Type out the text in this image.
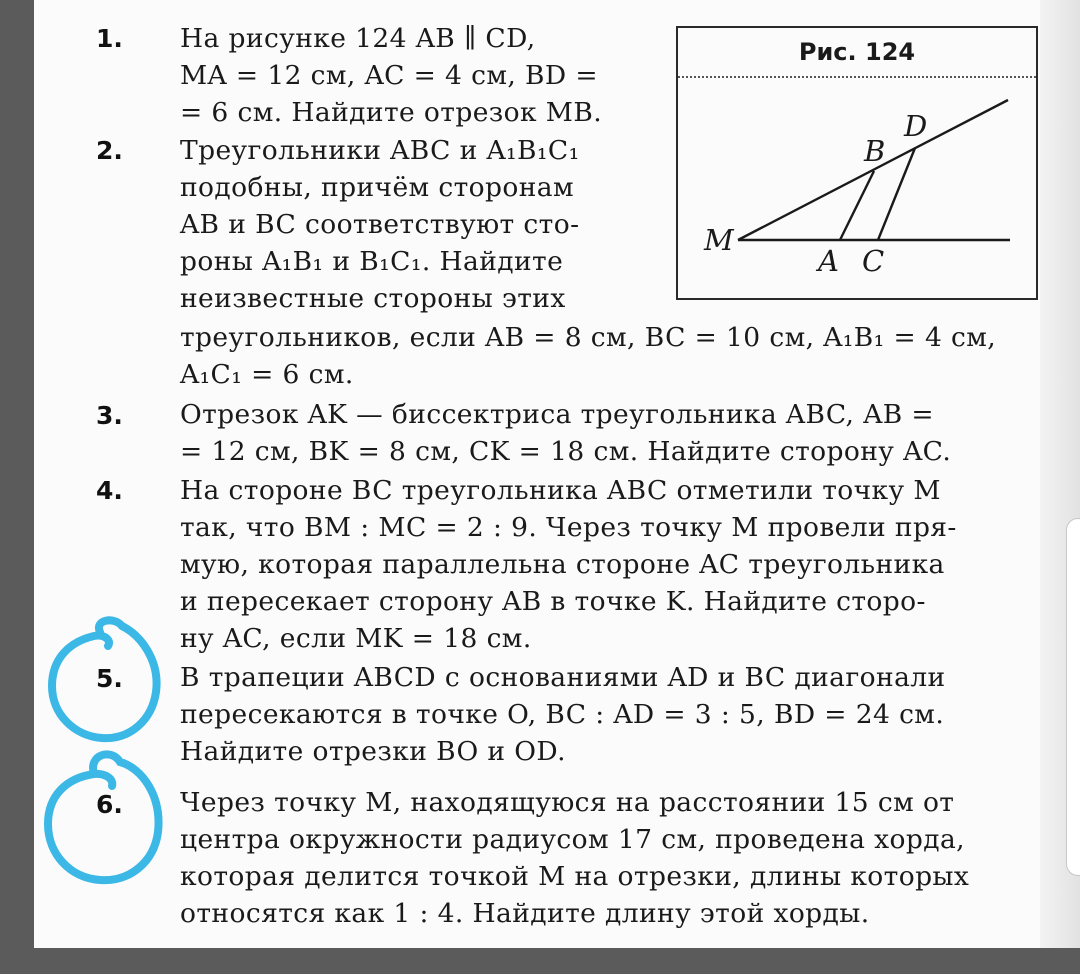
Рис. 124
M
A C
B
D
1. На рисунке 124 AB ∥ CD,
MA = 12 см, AC = 4 см, BD =
= 6 см. Найдите отрезок MB.
2. Треугольники ABC и A₁B₁C₁
подобны, причём сторонам
AB и BC соответствуют сто-
роны A₁B₁ и B₁C₁. Найдите
неизвестные стороны этих
треугольников, если AB = 8 см, BC = 10 см, A₁B₁ = 4 см,
A₁C₁ = 6 см.
3. Отрезок AK — биссектриса треугольника ABC, AB =
= 12 см, BK = 8 см, CK = 18 см. Найдите сторону AC.
4. На стороне BC треугольника ABC отметили точку M
так, что BM : MC = 2 : 9. Через точку M провели пря-
мую, которая параллельна стороне AC треугольника
и пересекает сторону AB в точке K. Найдите сторо-
ну AC, если MK = 18 см.
5. В трапеции ABCD с основаниями AD и BC диагонали
пересекаются в точке O, BC : AD = 3 : 5, BD = 24 см.
Найдите отрезки BO и OD.
6. Через точку M, находящуюся на расстоянии 15 см от
центра окружности радиусом 17 см, проведена хорда,
которая делится точкой M на отрезки, длины которых
относятся как 1 : 4. Найдите длину этой хорды.
